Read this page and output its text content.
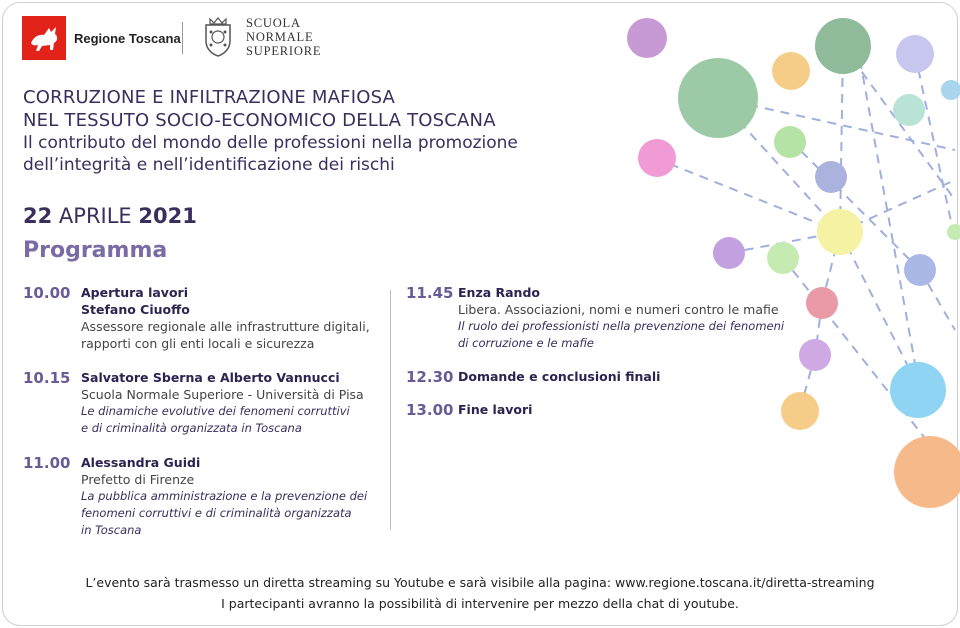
Regione Toscana
SCUOLA
NORMALE
SUPERIORE
CORRUZIONE E INFILTRAZIONE MAFIOSA
NEL TESSUTO SOCIO-ECONOMICO DELLA TOSCANA
Il contributo del mondo delle professioni nella promozione
dell’integrità e nell’identificazione dei rischi
22 APRILE 2021
Programma
10.00 Apertura lavori
Stefano Ciuoffo
Assessore regionale alle infrastrutture digitali,
rapporti con gli enti locali e sicurezza
10.15 Salvatore Sberna e Alberto Vannucci
Scuola Normale Superiore - Università di Pisa
Le dinamiche evolutive dei fenomeni corruttivi
e di criminalità organizzata in Toscana
11.00 Alessandra Guidi
Prefetto di Firenze
La pubblica amministrazione e la prevenzione dei
fenomeni corruttivi e di criminalità organizzata
in Toscana
11.45 Enza Rando
Libera. Associazioni, nomi e numeri contro le mafie
Il ruolo dei professionisti nella prevenzione dei fenomeni
di corruzione e le mafie
12.30 Domande e conclusioni finali
13.00 Fine lavori
L’evento sarà trasmesso un diretta streaming su Youtube e sarà visibile alla pagina: www.regione.toscana.it/diretta-streaming
I partecipanti avranno la possibilità di intervenire per mezzo della chat di youtube.
